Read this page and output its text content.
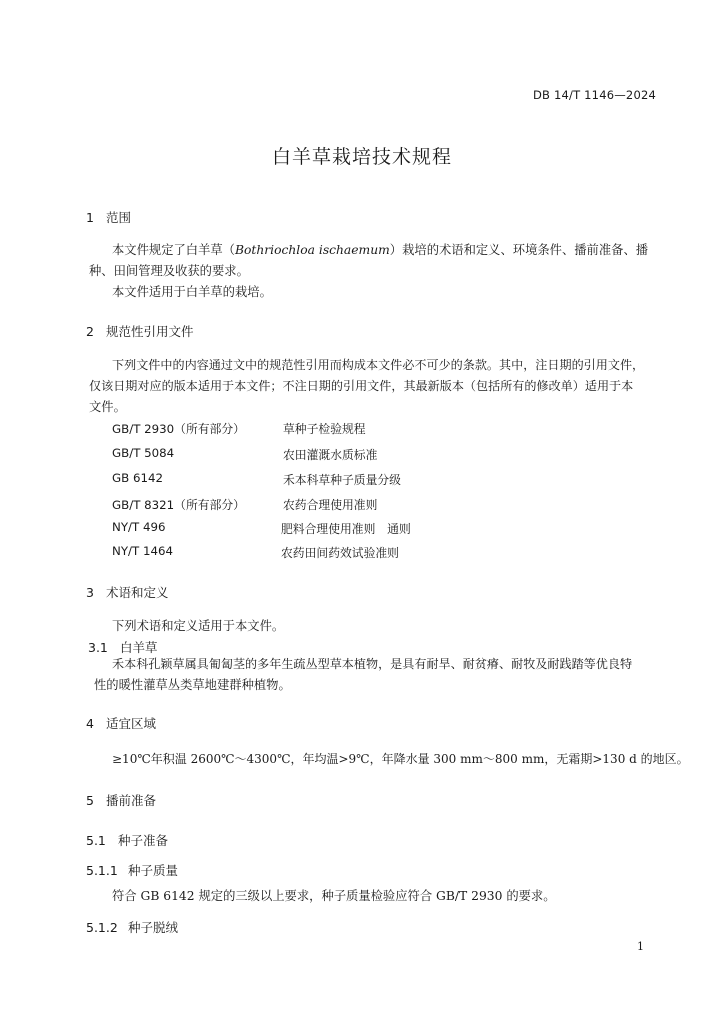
DB 14/T 1146—2024
白羊草栽培技术规程
1 范围
本文件规定了白羊草（Bothriochloa ischaemum）栽培的术语和定义、环境条件、播前准备、播
种、田间管理及收获的要求。
本文件适用于白羊草的栽培。
2 规范性引用文件
下列文件中的内容通过文中的规范性引用而构成本文件必不可少的条款。其中，注日期的引用文件，
仅该日期对应的版本适用于本文件；不注日期的引用文件，其最新版本（包括所有的修改单）适用于本
文件。
GB/T 2930（所有部分）	草种子检验规程
GB/T 5084	农田灌溉水质标准
GB 6142	禾本科草种子质量分级
GB/T 8321（所有部分）	农药合理使用准则
NY/T 496	肥料合理使用准则　通则
NY/T 1464	农药田间药效试验准则
3 术语和定义
下列术语和定义适用于本文件。
3.1 白羊草
禾本科孔颖草属具匍匐茎的多年生疏丛型草本植物，是具有耐旱、耐贫瘠、耐牧及耐践踏等优良特
性的暖性灌草丛类草地建群种植物。
4 适宜区域
≥10℃年积温 2600℃～4300℃，年均温>9℃，年降水量 300 mm～800 mm，无霜期>130 d 的地区。
5 播前准备
5.1 种子准备
5.1.1 种子质量
符合 GB 6142 规定的三级以上要求，种子质量检验应符合 GB/T 2930 的要求。
5.1.2 种子脱绒
1
